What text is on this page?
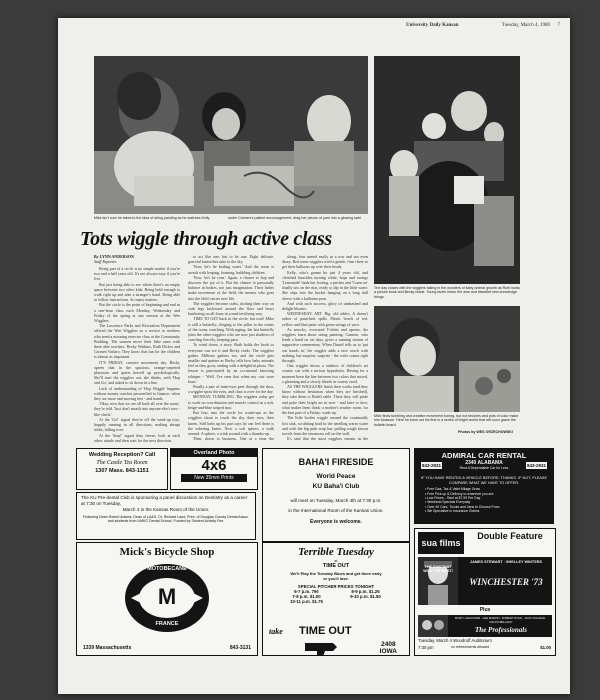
University Daily Kansan	Tuesday, March 4, 1980 7
Mike isn't sure he takes to the idea of string painting as he watches Kelly,	under Carmen's patient encouragement, drag her pieces of yarn into a glowing swirl.
The day closes with the wigglers taking in the wonders of baby animal growth as Ruth holds a picture book and Becky reads. Young faces mirror the awe and disbelief new knowledge brings.
Tots wiggle through active class
By LYNN ANDERSON
Staff Reporter

Being part of a circle is no simple matter if you're two and a half years old. It's not always easy if you're five.

But just being able to see where there's an empty space between two other kids. Being bold enough to walk right up and take a stranger's hand. Being able to follow instructions. So many matters.

But the circle is the point of beginning and end in a one-hour class each Monday, Wednesday and Friday of the spring at one session at the Wee Wigglers.

The Lawrence Parks and Recreation Department offered the Wee Wigglers as a service to mothers who need a morning exercise class at the Community Building. The women move their lithe arms with three able teachers, Becky Watkins, Ruth Dicker and Carmen Varlaro. They know that fun for the children is almost as important.

IT'S FRIDAY, creative movement day. Becky agrees that in the spacious, orange-carpeted playroom and quiets herself up psychologically. She'll start the wigglers out, she thinks, with 'Hop and Go,' and asked to sit down in a line.

Lack of understanding of 'Hop Wiggle' happens without money comfort personified to finance; when they are more and moving feet - and hands.

'Okay, now that we are all back all over the room,' they're told. 'Just don't smash into anyone else's toes - like check.'

At the 'Go!' signal they're off the wind-up toys, happily running in all directions, making abrupt shifts, falling over.

At the 'Stop!' signal they freeze, look at each other, giggle and then wait for the next direction.

to act like one, but to be one. Eight delicate, graceful butterflies take to the sky.

'Now, let's be boiling water.' And the room is awash with leaping, foaming, bubbling children.

'Now, let's be corn.' Again, a chance to hop and discover the joy of it. But the chance to personally balance in bodies, not just imagination. Their ladies make movement of the field, the mentor who goes into the field carries new life.

The wigglers become crabs, inching their way on crab legs backward around the floor and bears lumbering on all fours in a mad terrifying way.

TIME TO GET back in the circle, but wait! Mike is still a butterfly, clinging to the pillar in the center of the room, watching. With urging, the last butterfly joins the other wigglers who are now just shadows of crawling fiercely, keeping pace.

To wind down, a story. Ruth holds the book so everyone can see it and Becky reads. The wigglers gather. Millions gathers too, and the circle gets smaller and quieter as Becky tells how baby animals feel as they grow, ending with a delightful photo. The lesson is punctuated by an occasional knowing whisper - 'Well, I've seen that when my cats were born.'

Finally a pair of mini-eyes peer through the door, a wiggler spots the eyes, and class is over for the day.

MONDAY, TUMBLING. The wigglers today get to work on coordination and muscle control as a soft, beige-and-blue striped mat.

But first, into the circle for warm-ups as the wigglers shout to touch the sky, their toes, their knees. Still bobs up his part says he can feel these is the sobering knees. Next a soft sphere, a walk around. A sphere, a wink around with a thumbs-up.

Then, down to business. One at a time the

along, four turned easily in a row and not even dizzy. Red some wigglers tried a gentle, firm cheer to get their balloons up over their heads.

Kelly, who's gonna be just 4 years old, and clenched knuckles turning white, hops and swings 'Lemonade' finds her footing, a pitcher and 'Come on' finally sits on the mat, ready to dip in the little water. She slips into the bucket hanging on a long dull sleeve with a ballerina pose.

And with such success, glory of unabashed and delight blooms.

WEDNESDAY, ART. Big, old tables. A doesn't rather of paint-knit spills. Plastic bowls of red, yellow and blue paint with green strings of yarn.

As smocks, oversized T-shirts and aprons, the wigglers learn about string painting. Carmen, who lends a hand on art days, gives a running stream of supportive commentary. When Daniel tells us to 'put our hands in,' the wiggler adds a nice touch with nothing, but surprise, surprise - the color comes right through.

One wiggler shows a rainbow of children's art cousin, sits with a serious hypothesis. Having for a moment been the line between two colors that mixed, a gleaming and a slowly bleeds in watery swirl.

AS THE WIGGLERS finish their works (and they know without hesitation when they are finished), they take them to Ruth's table. There they will pride and poke their bright art in now - and later to face; what makes them think: a mother's teacher room, for the best part of a Friday: wash-up.

The little bodies wiggle around the continually lost sink, scrubbing hard in the smelling warm water and with the big pink soap bar, pulling rough brown towels from the enormous roll on the wall.

It's said that the most wigglers remain in the

Mike finds tumbling and creative movement boring, but not brushes and pots of color make him blossom. Here he turns out his first in a series of bright works that will soon grace the bulletin board.
Photos by WES ORZECHOWSKI
Wedding Reception? Call
The Castle Tea Room
1307 Mass. 843-1151
Overland Photo
4x6
New 35mm Prints
The KU Pre-dental Club is sponsoring a panel discussion on Dentistry as a career at 7:30 on Tuesday,
March 4 in the Kansas Room of the Union.
Featuring Dean Robert Adams, Dean of LA&S, Dr. Richard Land, Pres. of Douglas County Dental Assoc. and students from UMKC Dental School. Funded by Student Activity Fee.
BAHA'I FIRESIDE
World Peace
KU Baha'i Club
will meet on Tuesday, March 4th at 7:30 p.m.
in the International Room of the Kansas Union.
Everyone is welcome.
ADMIRAL CAR RENTAL
843-2931	2340 ALABAMA
Rent A Dependable Car for Less	843-2931
IF YOU HAVE RENTED A VEHICLE BEFORE, THANKS. IF NOT, PLEASE COMPARE WHAT WE HAVE TO OFFER.
• Free Gas, Tax & Valet Milage Grow
• Free Pick up & Delivery to wherever you are
• Low Prices - Start at $7.99 Per Day
• Weekend Specials Everyday
• Over 40 Cars, Trucks and Vans to Choose From
• We Specialize in Insurance Claims
Mick's Bicycle Shop
MOTOBECANE
M
FRANCE
1339 Massachusetts	843-3131
Terrible Tuesday
at
TIME OUT
We'll Play the Tuesday Blues and get there early
or you'll lose.
SPECIAL PITCHER PRICES TONIGHT
6-7 p.m. 75¢	8-9 p.m. $1.25
7-8 p.m. $1.00	9-10 p.m. $1.50
10-11 p.m. $1.75
take TIME OUT
2408
IOWA
sua films
Double Feature
THE GUN THAT WON THE WEST!
JAMES STEWART · SHELLEY WINTERS
WINCHESTER '73
Plus
BURT LANCASTER · LEE MARVIN · ROBERT RYAN · JACK PALANCE · RALPH BELLAMY
The Professionals
Tuesday, March 4 Woodruff Auditorium
7:30 pm	no refreshments allowed	$1.00
